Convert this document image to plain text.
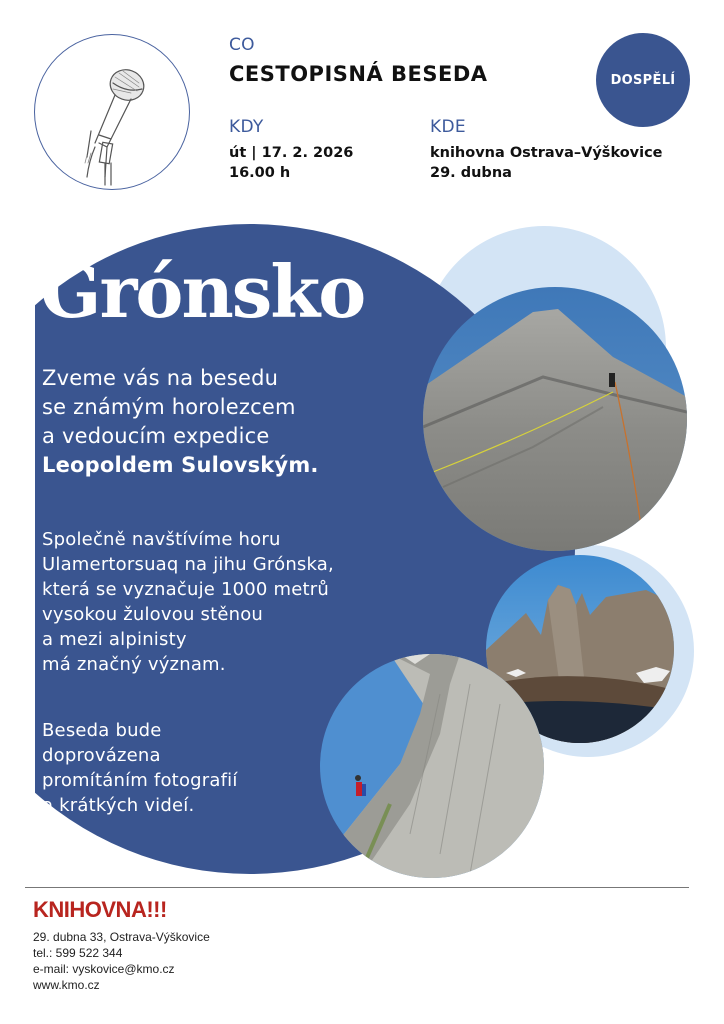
CO
CESTOPISNÁ BESEDA
KDY
út | 17. 2. 2026
16.00 h
KDE
knihovna Ostrava–Výškovice
29. dubna
DOSPĚLÍ
Grónsko
Zveme vás na besedu
se známým horolezcem
a vedoucím expedice
Leopoldem Sulovským.
Společně navštívíme horu
Ulamertorsuaq na jihu Grónska,
která se vyznačuje 1000 metrů
vysokou žulovou stěnou
a mezi alpinisty
má značný význam.
Beseda bude
doprovázena
promítáním fotografií
a krátkých videí.
KNIHOVNA!!!
29. dubna 33, Ostrava-Výškovice
tel.: 599 522 344
e-mail: vyskovice@kmo.cz
www.kmo.cz
